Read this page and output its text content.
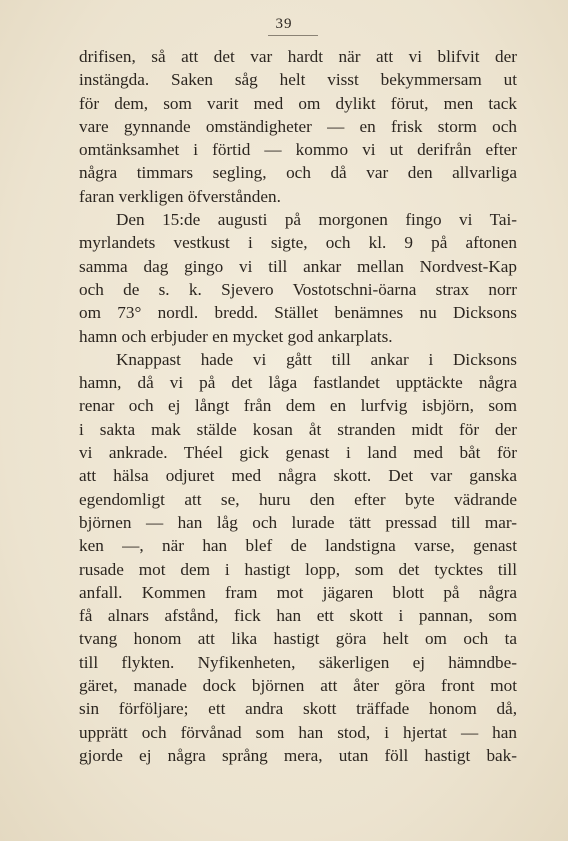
39
drifisen, så att det var hardt när att vi blifvit der
instängda. Saken såg helt visst bekymmersam ut
för dem, som varit med om dylikt förut, men tack
vare gynnande omständigheter — en frisk storm och
omtänksamhet i förtid — kommo vi ut derifrån efter
några timmars segling, och då var den allvarliga
faran verkligen öfverstånden.
Den 15:de augusti på morgonen fingo vi Tai-
myrlandets vestkust i sigte, och kl. 9 på aftonen
samma dag gingo vi till ankar mellan Nordvest-Kap
och de s. k. Sjevero Vostotschni-öarna strax norr
om 73° nordl. bredd. Stället benämnes nu Dicksons
hamn och erbjuder en mycket god ankarplats.
Knappast hade vi gått till ankar i Dicksons
hamn, då vi på det låga fastlandet upptäckte några
renar och ej långt från dem en lurfvig isbjörn, som
i sakta mak stälde kosan åt stranden midt för der
vi ankrade. Théel gick genast i land med båt för
att hälsa odjuret med några skott. Det var ganska
egendomligt att se, huru den efter byte vädrande
björnen — han låg och lurade tätt pressad till mar-
ken —, när han blef de landstigna varse, genast
rusade mot dem i hastigt lopp, som det tycktes till
anfall. Kommen fram mot jägaren blott på några
få alnars afstånd, fick han ett skott i pannan, som
tvang honom att lika hastigt göra helt om och ta
till flykten. Nyfikenheten, säkerligen ej hämndbe-
gäret, manade dock björnen att åter göra front mot
sin förföljare; ett andra skott träffade honom då,
upprätt och förvånad som han stod, i hjertat — han
gjorde ej några språng mera, utan föll hastigt bak-
